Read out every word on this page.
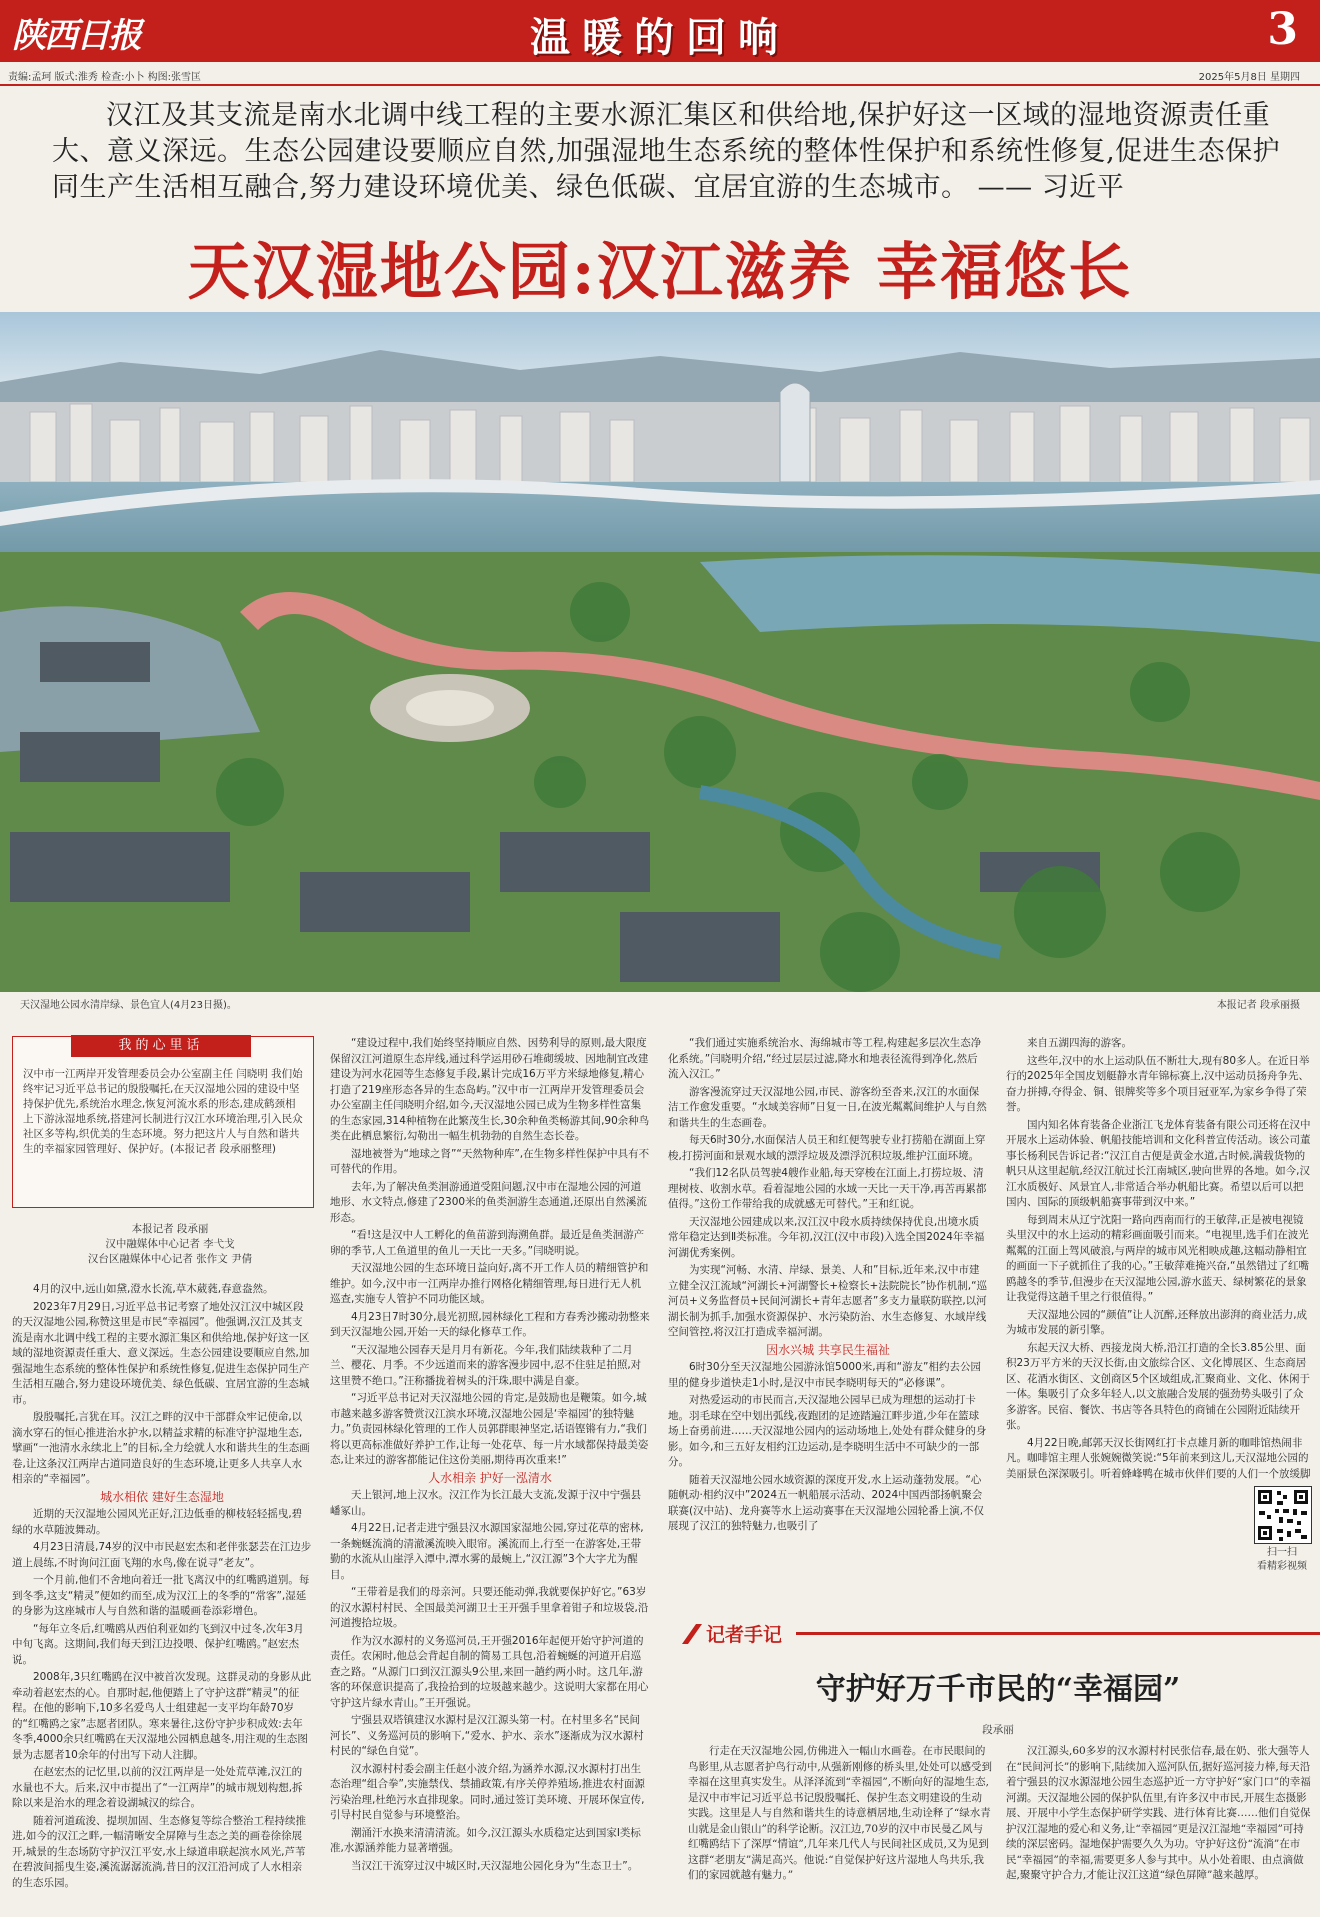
陕西日报	温暖的回响	3
责编:孟珂 版式:淮秀 检查:小卜 构图:张雪匡	2025年5月8日 星期四
汉江及其支流是南水北调中线工程的主要水源汇集区和供给地,保护好这一区域的湿地资源责任重大、意义深远。生态公园建设要顺应自然,加强湿地生态系统的整体性保护和系统性修复,促进生态保护同生产生活相互融合,努力建设环境优美、绿色低碳、宜居宜游的生态城市。 —— 习近平
天汉湿地公园:汉江滋养 幸福悠长
天汉湿地公园水清岸绿、景色宜人(4月23日摄)。	本报记者 段承丽摄
我的心里话
汉中市一江两岸开发管理委员会办公室副主任 闫晓明 我们始终牢记习近平总书记的殷殷嘱托,在天汉湿地公园的建设中坚持保护优先,系统治水理念,恢复河流水系的形态,建成鹤颈相上下游泳湿地系统,搭建河长制进行汉江水环境治理,引入民众社区多等构,织优美的生态环境。努力把这片人与自然和谐共生的幸福家园管理好、保护好。(本报记者 段承丽整理)
本报记者 段承丽
汉中融媒体中心记者 李弋戈
汉台区融媒体中心记者 张作文 尹倩

4月的汉中,远山如黛,澄水长流,草木葳蕤,春意盎然。

2023年7月29日,习近平总书记考察了地处汉江汉中城区段的天汉湿地公园,称赞这里是市民“幸福园”。他强调,汉江及其支流是南水北调中线工程的主要水源汇集区和供给地,保护好这一区域的湿地资源责任重大、意义深远。生态公园建设要顺应自然,加强湿地生态系统的整体性保护和系统性修复,促进生态保护同生产生活相互融合,努力建设环境优美、绿色低碳、宜居宜游的生态城市。

殷殷嘱托,言犹在耳。汉江之畔的汉中干部群众牢记使命,以滴水穿石的恒心推进治水护水,以精益求精的标准守护湿地生态,擘画“一池清水永续北上”的目标,全力绘就人水和谐共生的生态画卷,让这条汉江两岸古道同造良好的生态环境,让更多人共享人水相亲的“幸福园”。

城水相依 建好生态湿地

近期的天汉湿地公园风光正好,江边低垂的柳枝轻轻摇曳,碧绿的水草随波舞动。

4月23日清晨,74岁的汉中市民赵宏杰和老伴张瑟芸在江边步道上晨练,不时询问江面飞翔的水鸟,像在说寻“老友”。

一个月前,他们不舍地向着迁一批飞离汉中的红嘴鸥道别。每到冬季,这支“精灵”便如约而至,成为汉江上的冬季的“常客”,湿延的身影为这座城市人与自然和谐的温暖画卷添彩增色。

“每年立冬后,红嘴鸥从西伯利亚如约飞到汉中过冬,次年3月中旬飞离。这期间,我们每天到江边投喂、保护红嘴鸥。”赵宏杰说。

2008年,3只红嘴鸥在汉中被首次发现。这群灵动的身影从此牵动着赵宏杰的心。自那时起,他便踏上了守护这群“精灵”的征程。在他的影响下,10多名爱鸟人士组建起一支平均年龄70岁的“红嘴鸥之家”志愿者团队。寒来暑往,这份守护步积成效:去年冬季,4000余只红嘴鸥在天汉湿地公园栖息越冬,用注观的生态图景为志愿者10余年的付出写下动人注脚。

在赵宏杰的记忆里,以前的汉江两岸是一处处荒草滩,汉江的水量也不大。后来,汉中市提出了“一江两岸”的城市规划构想,拆除以来是治水的理念着设湖城汉的综合。

随着河道疏浚、提坝加固、生态修复等综合整治工程持续推进,如今的汉江之畔,一幅清晰安全屏障与生态之美的画卷徐徐展开,城景的生态场防守护汉江平安,水上绿道串联起滨水风光,芦苇在碧波间摇曳生姿,溪流潺潺流淌,昔日的汉江沿河成了人水相亲的生态乐园。

“建设过程中,我们始终坚持顺应自然、因势利导的原则,最大限度保留汉江河道原生态岸线,通过科学运用砂石堆砌缓坡、因地制宜改建建设为河水花园等生态修复手段,累计完成16万平方米绿地修复,精心打造了219座形态各异的生态岛屿。”汉中市一江两岸开发管理委员会办公室副主任闫晓明介绍,如今,天汉湿地公园已成为生物多样性富集的生态家园,314种植物在此繁茂生长,30余种鱼类畅游其间,90余种鸟类在此栖息繁衍,勾勒出一幅生机勃勃的自然生态长卷。

湿地被誉为“地球之肾”“天然物种库”,在生物多样性保护中具有不可替代的作用。

去年,为了解决鱼类洄游通道受阻问题,汉中市在湿地公园的河道地形、水文特点,修建了2300米的鱼类洄游生态通道,还原出自然溪流形态。

“看!这是汉中人工孵化的鱼苗游到海溯鱼群。最近是鱼类洄游产卵的季节,人工鱼道里的鱼儿一天比一天多。”闫晓明说。

天汉湿地公园的生态环境日益向好,离不开工作人员的精细管护和维护。如今,汉中市一江两岸办推行网格化精细管理,每日进行无人机巡查,实施专人管护不同功能区域。

4月23日7时30分,晨光初照,园林绿化工程和方春秀沙搬动勃整来到天汉湿地公园,开始一天的绿化修草工作。

“天汉湿地公园春天是月月有新花。今年,我们陆续栽种了二月兰、樱花、月季。不少远道而来的游客漫步园中,忍不住驻足拍照,对这里赞不绝口。”汪称播拢着树头的汗珠,眼中满是自豪。

“习近平总书记对天汉湿地公园的肯定,是鼓励也是鞭策。如今,城市越来越多游客赞赏汉江滨水环境,汉湿地公园是‘幸福园’的独特魅力。”负责园林绿化管理的工作人员郭群眼神坚定,话语铿锵有力,“我们将以更高标准做好养护工作,让每一处花草、每一片水域都保持最美姿态,让来过的游客都能记住这份美丽,期待再次重来!”

人水相亲 护好一泓清水

天上银河,地上汉水。汉江作为长江最大支流,发源于汉中宁强县嶓冢山。

4月22日,记者走进宁强县汉水源国家湿地公园,穿过花草的密林,一条蜿蜒流淌的清澈溪流映入眼帘。溪流而上,行至一在游客处,王带勤的水流从山崖浮入潭中,潭水雾的最蜿上,“汉江源”3个大字尤为醒目。

“王带着是我们的母亲河。只要还能动弹,我就要保护好它。”63岁的汉水源村村民、全国最美河湖卫士王开强手里拿着钳子和垃圾袋,沿河道搜拾垃圾。

作为汉水源村的义务巡河员,王开强2016年起便开始守护河道的责任。农闲时,他总会背起自制的简易工具包,沿着蜿蜒的河道开启巡查之路。“从源门口到汉江源头9公里,来回一趟约两小时。这几年,游客的环保意识提高了,我捡拾到的垃圾越来越少。这说明大家都在用心守护这片绿水青山。”王开强说。

宁强县双塔镇建汉水源村是汉江源头第一村。在村里多名“民间河长”、义务巡河员的影响下,“爱水、护水、亲水”逐渐成为汉水源村村民的“绿色自觉”。

汉水源村村委会副主任赵小波介绍,为涵养水源,汉水源村打出生态治理“组合拳”,实施禁伐、禁捕政策,有序关停养殖场,推进农村面源污染治理,杜绝污水直排现象。同时,通过签订美环境、开展环保宣传,引导村民自觉参与环境整治。

潮涌汗水换来清清清流。如今,汉江源头水质稳定达到国家Ⅰ类标准,水源涵养能力显著增强。

当汉江干流穿过汉中城区时,天汉湿地公园化身为“生态卫士”。

“我们通过实施系统治水、海绵城市等工程,构建起多层次生态净化系统。”闫晓明介绍,“经过层层过滤,降水和地表径流得到净化,然后流入汉江。”

游客漫流穿过天汉湿地公园,市民、游客纷至沓来,汉江的水面保洁工作愈发重要。“水域美容师”日复一日,在波光粼粼间维护人与自然和谐共生的生态画卷。

每天6时30分,水面保洁人员王和红便驾驶专业打捞船在湖面上穿梭,打捞河面和景观水域的漂浮垃圾及漂浮沉积垃圾,维护江面环境。

“我们12名队员驾驶4艘作业船,每天穿梭在江面上,打捞垃圾、清理树枝、收割水草。看着湿地公园的水域一天比一天干净,再苦再累都值得。”这份工作带给我的成就感无可替代。”王和红说。

天汉湿地公园建成以来,汉江汉中段水质持续保持优良,出境水质常年稳定达到Ⅱ类标准。今年初,汉江(汉中市段)入选全国2024年幸福河湖优秀案例。

为实现“河畅、水清、岸绿、景美、人和”目标,近年来,汉中市建立健全汉江流域“河湖长+河湖警长+检察长+法院院长”协作机制,“巡河员+义务监督员+民间河湖长+青年志愿者”多支力量联防联控,以河湖长制为抓手,加强水资源保护、水污染防治、水生态修复、水域岸线空间管控,将汉江打造成幸福河湖。

因水兴城 共享民生福祉

6时30分至天汉湿地公园游泳馆5000米,再和“游友”相约去公园里的健身步道快走1小时,是汉中市民李晓明每天的“必修课”。

对热爱运动的市民而言,天汉湿地公园早已成为理想的运动打卡地。羽毛球在空中划出弧线,夜跑团的足迹踏遍江畔步道,少年在篮球场上奋勇前进……天汉湿地公园内的运动场地上,处处有群众健身的身影。如今,和三五好友相约江边运动,是李晓明生活中不可缺少的一部分。

随着天汉湿地公园水域资源的深度开发,水上运动蓬勃发展。“心随帆动·相约汉中”2024五一帆船展示活动、2024中国西部扬帆聚会联赛(汉中站)、龙舟赛等水上运动赛事在天汉湿地公园轮番上演,不仅展现了汉江的独特魅力,也吸引了

来自五湖四海的游客。

这些年,汉中的水上运动队伍不断壮大,现有80多人。在近日举行的2025年全国皮划艇静水青年锦标赛上,汉中运动员扬舟争先、奋力拼搏,夺得金、铜、银牌奖等多个项目冠亚军,为家乡争得了荣誉。

国内知名体育装备企业浙江飞龙体育装备有限公司还将在汉中开展水上运动体验、帆船技能培训和文化科普宣传活动。该公司董事长杨利民告诉记者:“汉江自古便是黄金水道,古时候,满载货物的帆只从这里起航,经汉江航过长江南城区,驶向世界的各地。如今,汉江水质极好、风景宜人,非常适合举办帆船比赛。希望以后可以把国内、国际的顶级帆船赛事带到汉中来。”

每到周末从辽宁沈阳一路向西南而行的王敏萍,正是被电视镜头里汉中的水上运动的精彩画面吸引而来。“电视里,选手们在波光粼粼的江面上驾风破浪,与两岸的城市风光相映成趣,这幅动静相宜的画面一下子就抓住了我的心。”王敏萍难掩兴奋,“虽然错过了红嘴鸥越冬的季节,但漫步在天汉湿地公园,游水蓝天、绿树繁花的景象让我觉得这趟千里之行很值得。”

天汉湿地公园的“颜值”让人沉醉,还释放出澎湃的商业活力,成为城市发展的新引擎。

东起天汉大桥、西接龙岗大桥,沿江打造的全长3.85公里、面积23万平方米的天汉长街,由文旅综合区、文化博展区、生态商居区、花酒水街区、文创商区5个区域组成,汇聚商业、文化、休闲于一体。集吸引了众多年轻人,以文旅融合发展的强劲势头吸引了众多游客。民宿、餐饮、书店等各具特色的商铺在公园附近陆续开张。

4月22日晚,邮郭天汉长街网红打卡点雄月新的咖啡馆热闹非凡。咖啡馆主理人张婉婉微笑说:“5年前来到这儿,天汉湿地公园的美丽景色深深吸引。听着蜂峰鸭在城市伙伴们要的人们一个放缓脚

扫一扫
看精彩视频
记者手记
守护好万千市民的“幸福园”
段承丽

行走在天汉湿地公园,仿佛进入一幅山水画卷。在市民眼间的鸟影里,从志愿者护鸟行动中,从强新刚修的桥头里,处处可以感受到幸福在这里真实发生。从泽泽流到“幸福园”,不断向好的湿地生态,是汉中市牢记习近平总书记殷殷嘱托、保护生态文明建设的生动实践。这里是人与自然和谐共生的诗意栖居地,生动诠释了“绿水青山就是金山银山”的科学论断。汉江边,70岁的汉中市民曼乙风与红嘴鸥结下了深厚“情谊”,几年来几代人与民间社区成员,又为见到这群“老朋友”满足高兴。他说:“自觉保护好这片湿地人鸟共乐,我们的家园就越有魅力。”

汉江源头,60多岁的汉水源村村民张信春,最在奶、张大强等人在“民间河长”的影响下,陆续加入巡河队伍,据好巡河接力棒,每天沿着宁强县的汉水源湿地公园生态巡护近一方守护好“家门口”的幸福河湖。天汉湿地公园的保护队伍里,有许多汉中市民,开展生态摄影展、开展中小学生态保护研学实践、进行体育比赛……他们自觉保护汉江湿地的爱心和义务,让“幸福园”更是汉江湿地“幸福园”可持续的深层密码。湿地保护需要久久为功。守护好这份“流淌”在市民“幸福园”的幸福,需要更多人参与其中。从小处着眼、由点滴做起,聚聚守护合力,才能让汉江这道“绿色屏障”越来越厚。
